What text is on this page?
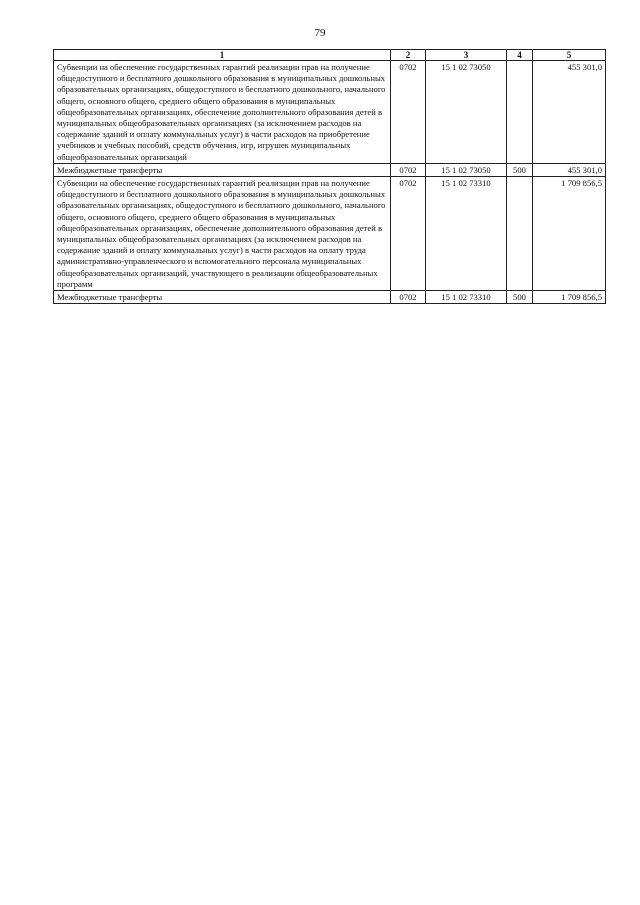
79
1	2	3	4	5
Субвенции на обеспечение государственных гарантий реализации прав на получение общедоступного и бесплатного дошкольного образования в муниципальных дошкольных образовательных организациях, общедоступного и бесплатного дошкольного, начального общего, основного общего, среднего общего образования в муниципальных общеобразовательных организациях, обеспечение дополнительного образования детей в муниципальных общеобразовательных организациях (за исключением расходов на содержание зданий и оплату коммунальных услуг) в части расходов на приобретение учебников и учебных пособий, средств обучения, игр, игрушек муниципальных общеобразовательных организаций	0702	15 1 02 73050		455 301,0
Межбюджетные трансферты	0702	15 1 02 73050	500	455 301,0
Субвенции на обеспечение государственных гарантий реализации прав на получение общедоступного и бесплатного дошкольного образования в муниципальных дошкольных образовательных организациях, общедоступного и бесплатного дошкольного, начального общего, основного общего, среднего общего образования в муниципальных общеобразовательных организациях, обеспечение дополнительного образования детей в муниципальных общеобразовательных организациях (за исключением расходов на содержание зданий и оплату коммунальных услуг) в части расходов на оплату труда административно-управленческого и вспомогательного персонала муниципальных общеобразовательных организаций, участвующего в реализации общеобразовательных программ	0702	15 1 02 73310		1 709 856,5
Межбюджетные трансферты	0702	15 1 02 73310	500	1 709 856,5
